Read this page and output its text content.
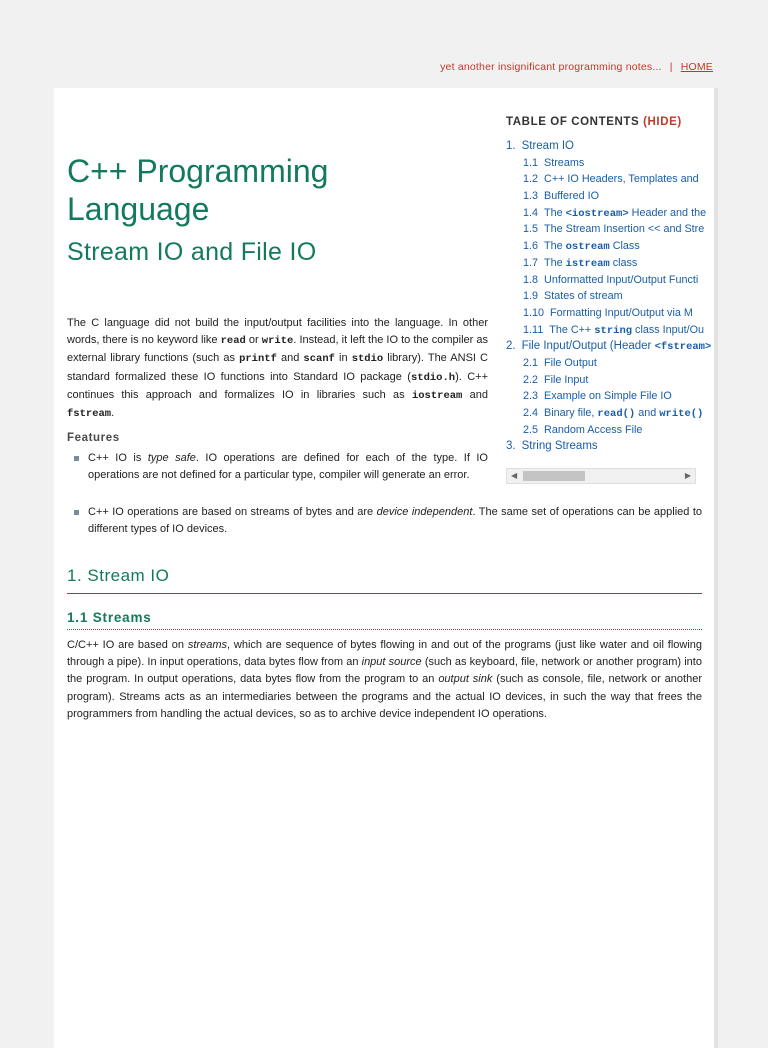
yet another insignificant programming notes... | HOME
C++ Programming Language
Stream IO and File IO
TABLE OF CONTENTS (HIDE)
1. Stream IO
1.1 Streams
1.2 C++ IO Headers, Templates and
1.3 Buffered IO
1.4 The <iostream> Header and the
1.5 The Stream Insertion << and Stre
1.6 The ostream Class
1.7 The istream class
1.8 Unformatted Input/Output Functi
1.9 States of stream
1.10 Formatting Input/Output via M
1.11 The C++ string class Input/Ou
2. File Input/Output (Header <fstream>
2.1 File Output
2.2 File Input
2.3 Example on Simple File IO
2.4 Binary file, read() and write()
2.5 Random Access File
3. String Streams
◀	▶

The C language did not build the input/output facilities into the language. In other words, there is no keyword like read or write. Instead, it left the IO to the compiler as external library functions (such as printf and scanf in stdio library). The ANSI C standard formalized these IO functions into Standard IO package (stdio.h). C++ continues this approach and formalizes IO in libraries such as iostream and fstream.

Features
C++ IO is type safe. IO operations are defined for each of the type. If IO operations are not defined for a particular type, compiler will generate an error.
C++ IO operations are based on streams of bytes and are device independent. The same set of operations can be applied to different types of IO devices.
1. Stream IO
1.1 Streams

C/C++ IO are based on streams, which are sequence of bytes flowing in and out of the programs (just like water and oil flowing through a pipe). In input operations, data bytes flow from an input source (such as keyboard, file, network or another program) into the program. In output operations, data bytes flow from the program to an output sink (such as console, file, network or another program). Streams acts as an intermediaries between the programs and the actual IO devices, in such the way that frees the programmers from handling the actual devices, so as to archive device independent IO operations.
